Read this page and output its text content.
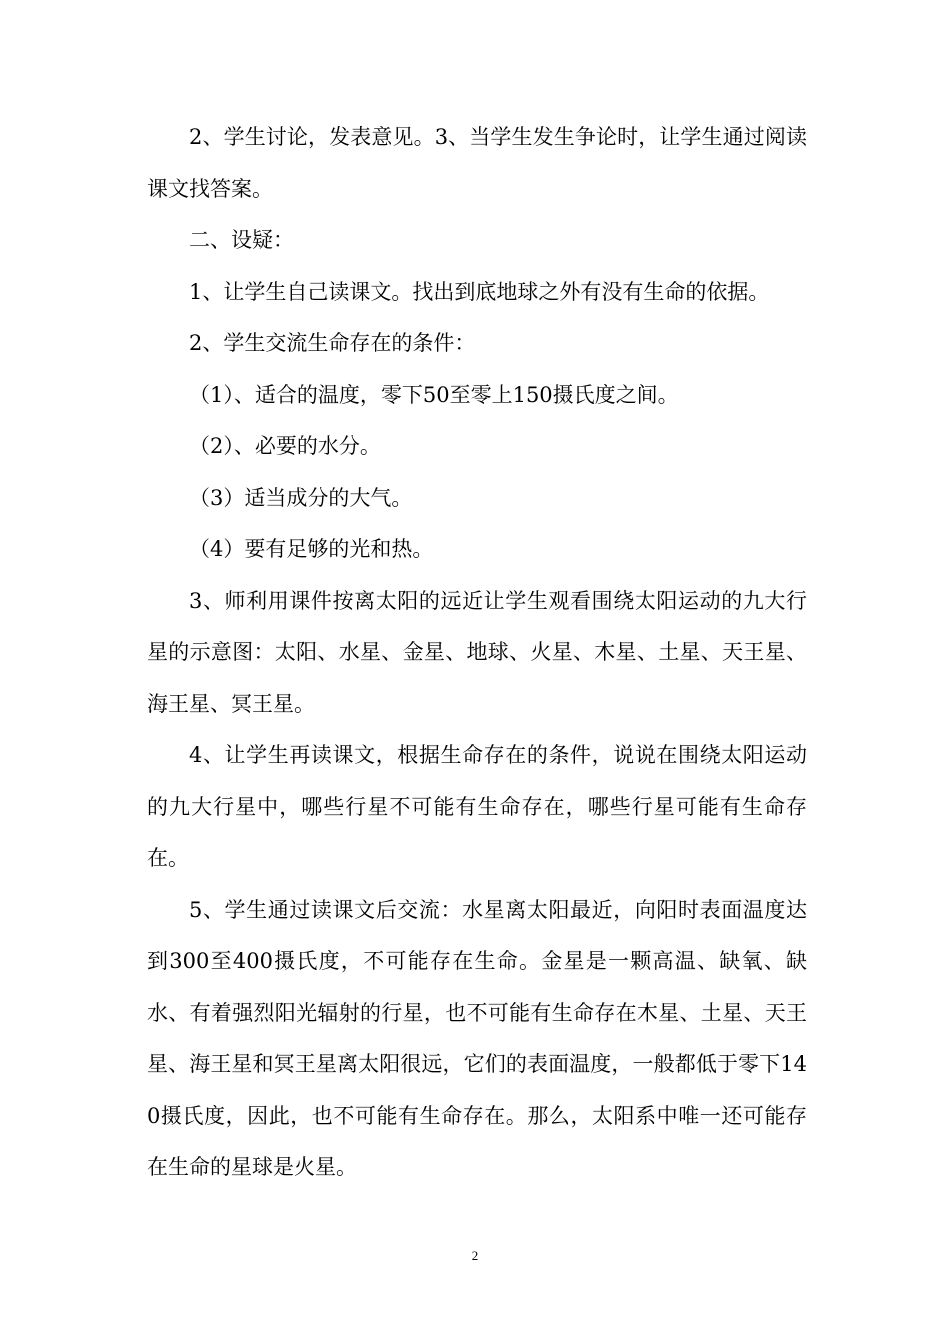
2、学生讨论，发表意见。3、当学生发生争论时，让学生通过阅读课文找答案。

二、设疑：

1、让学生自己读课文。找出到底地球之外有没有生命的依据。

2、学生交流生命存在的条件：

（1）、适合的温度，零下50至零上150摄氏度之间。

（2）、必要的水分。

（3）适当成分的大气。

（4）要有足够的光和热。

3、师利用课件按离太阳的远近让学生观看围绕太阳运动的九大行星的示意图：太阳、水星、金星、地球、火星、木星、土星、天王星、海王星、冥王星。

4、让学生再读课文，根据生命存在的条件，说说在围绕太阳运动的九大行星中，哪些行星不可能有生命存在，哪些行星可能有生命存在。

5、学生通过读课文后交流：水星离太阳最近，向阳时表面温度达到300至400摄氏度，不可能存在生命。金星是一颗高温、缺氧、缺水、有着强烈阳光辐射的行星，也不可能有生命存在木星、土星、天王星、海王星和冥王星离太阳很远，它们的表面温度，一般都低于零下140摄氏度，因此，也不可能有生命存在。那么，太阳系中唯一还可能存在生命的星球是火星。

2
